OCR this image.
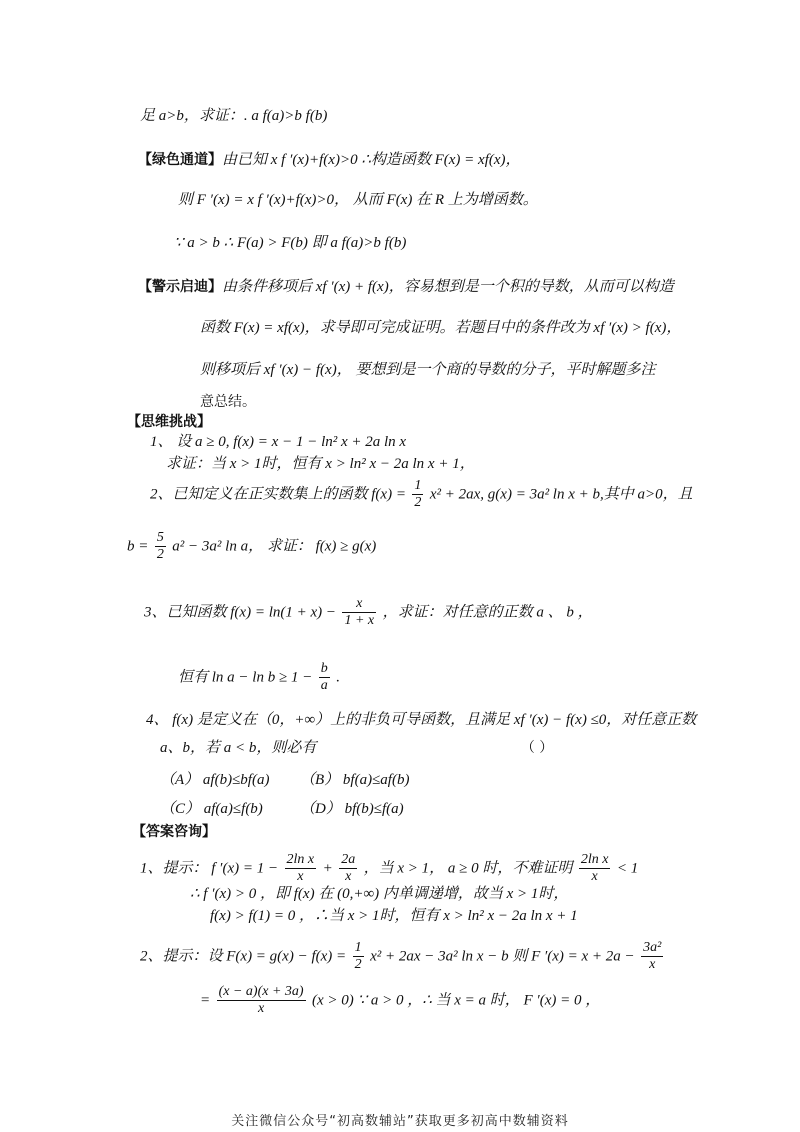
足 a>b，求证：. a f(a)>b f(b)
【绿色通道】由已知 x f ′(x)+f(x)>0 ∴构造函数 F(x) = xf(x)，
则 F ′(x) = x f ′(x)+f(x)>0， 从而 F(x) 在 R 上为增函数。
∵ a > b ∴ F(a) > F(b) 即 a f(a)>b f(b)
【警示启迪】由条件移项后 xf ′(x) + f(x)，容易想到是一个积的导数，从而可以构造
函数 F(x) = xf(x)，求导即可完成证明。若题目中的条件改为 xf ′(x) > f(x)，
则移项后 xf ′(x) − f(x)， 要想到是一个商的导数的分子，平时解题多注
意总结。
【思维挑战】
1、 设 a ≥ 0, f(x) = x − 1 − ln² x + 2a ln x
求证：当 x > 1时，恒有 x > ln² x − 2a ln x + 1，
2、已知定义在正实数集上的函数 $f(x) = \frac{1}{2} x^2 + 2ax$, g(x) = 3a² ln x + b,其中 a>0，且
$b = \frac{5}{2} a^2 - 3a^2$ ln a， 求证： f(x) ≥ g(x)
3、已知函数 $f(x) = \ln(1 + x) - \frac{x}{1 + x}$ ，求证：对任意的正数 a 、 b ，
恒有 $\ln a - \ln b \ge 1 - \frac{b}{a}$ .
4、 f(x) 是定义在（0，+∞）上的非负可导函数，且满足 xf ′(x) − f(x) ≤0，对任意正数
a、b，若 a < b，则必有	（ ）
（A） af(b)≤bf(a) （B） bf(a)≤af(b)
（C） af(a)≤f(b) （D） bf(b)≤f(a)
【答案咨询】
1、提示： f $'(x) = 1 - \frac{\text{2ln x}}{x} + \frac{2a}{x}$ ，当 x > 1， a ≥ 0 时，不难证明 $\frac{\text{2ln x}}{x} < 1$
∴ f ′(x) > 0 ，即 f(x) 在 (0,+∞) 内单调递增，故当 x > 1时，
f(x) > f(1) = 0 ，∴当 x > 1时，恒有 x > ln² x − 2a ln x + 1
2、提示：设 $F(x) = g(x) - f(x) = \frac{1}{2} x^2 + 2ax - 3a^2$ ln x − b 则 F $'(x) = x + 2a - \frac{\text{3a²}}{x}$
= $\frac{(x - a)(x + 3a)}{x} (x > 0)$ ∵ a > 0 ，∴ 当 x = a 时， F ′(x) = 0 ，
关注微信公众号“初高数辅站”获取更多初高中数辅资料
